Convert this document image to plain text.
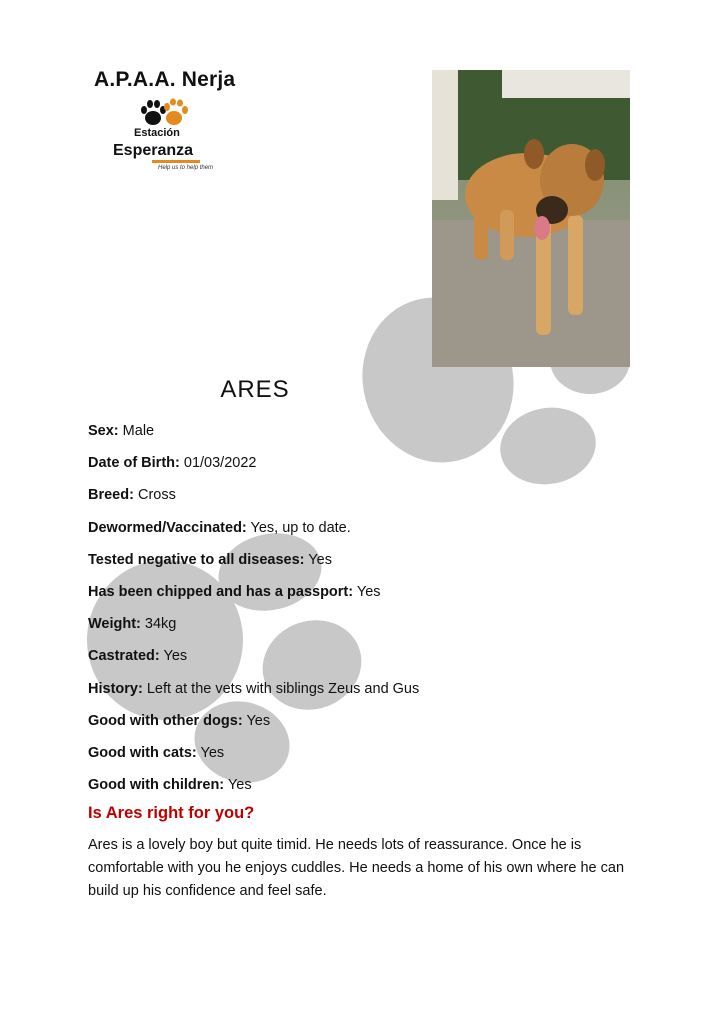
A.P.A.A. Nerja
Estación
Esperanza
Help us to help them
ARES
Sex: Male
Date of Birth: 01/03/2022
Breed: Cross
Dewormed/Vaccinated: Yes, up to date.
Tested negative to all diseases: Yes
Has been chipped and has a passport: Yes
Weight: 34kg
Castrated: Yes
History: Left at the vets with siblings Zeus and Gus
Good with other dogs: Yes
Good with cats: Yes
Good with children: Yes
Is Ares right for you?
Ares is a lovely boy but quite timid. He needs lots of reassurance. Once he is comfortable with you he enjoys cuddles. He needs a home of his own where he can build up his confidence and feel safe.
